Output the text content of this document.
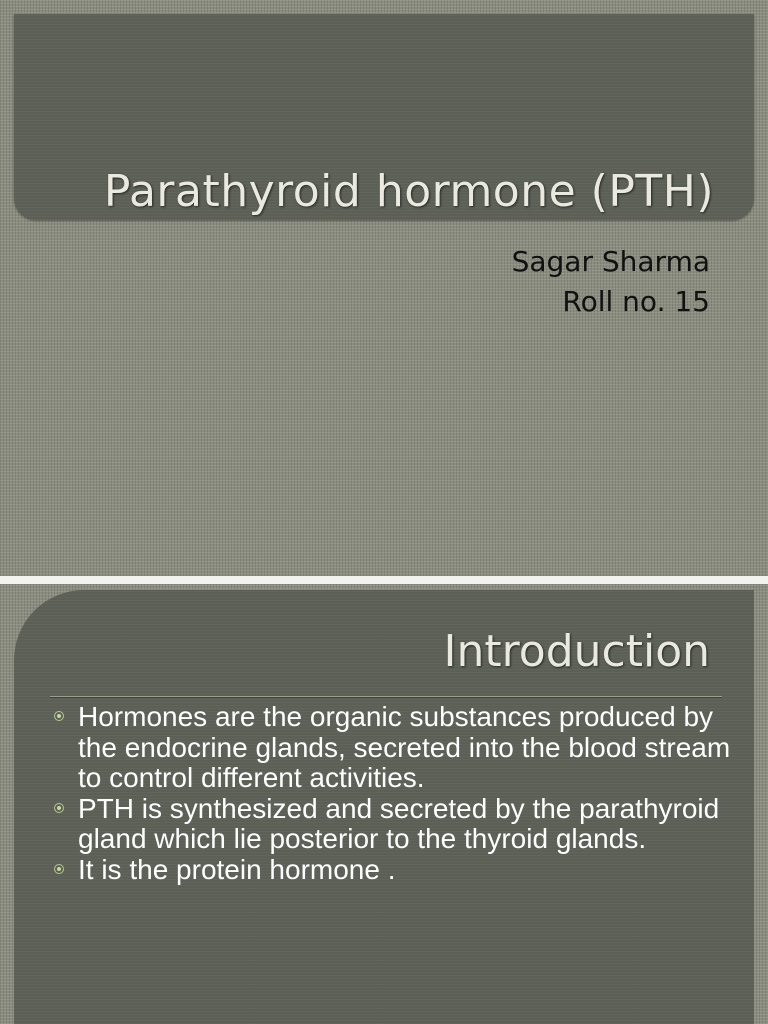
Parathyroid hormone (PTH)
Sagar Sharma
Roll no. 15
Introduction
Hormones are the organic substances produced by the endocrine glands, secreted into the blood stream to control different activities.
PTH is synthesized and secreted by the parathyroid gland which lie posterior to the thyroid glands.
It is the protein hormone .
